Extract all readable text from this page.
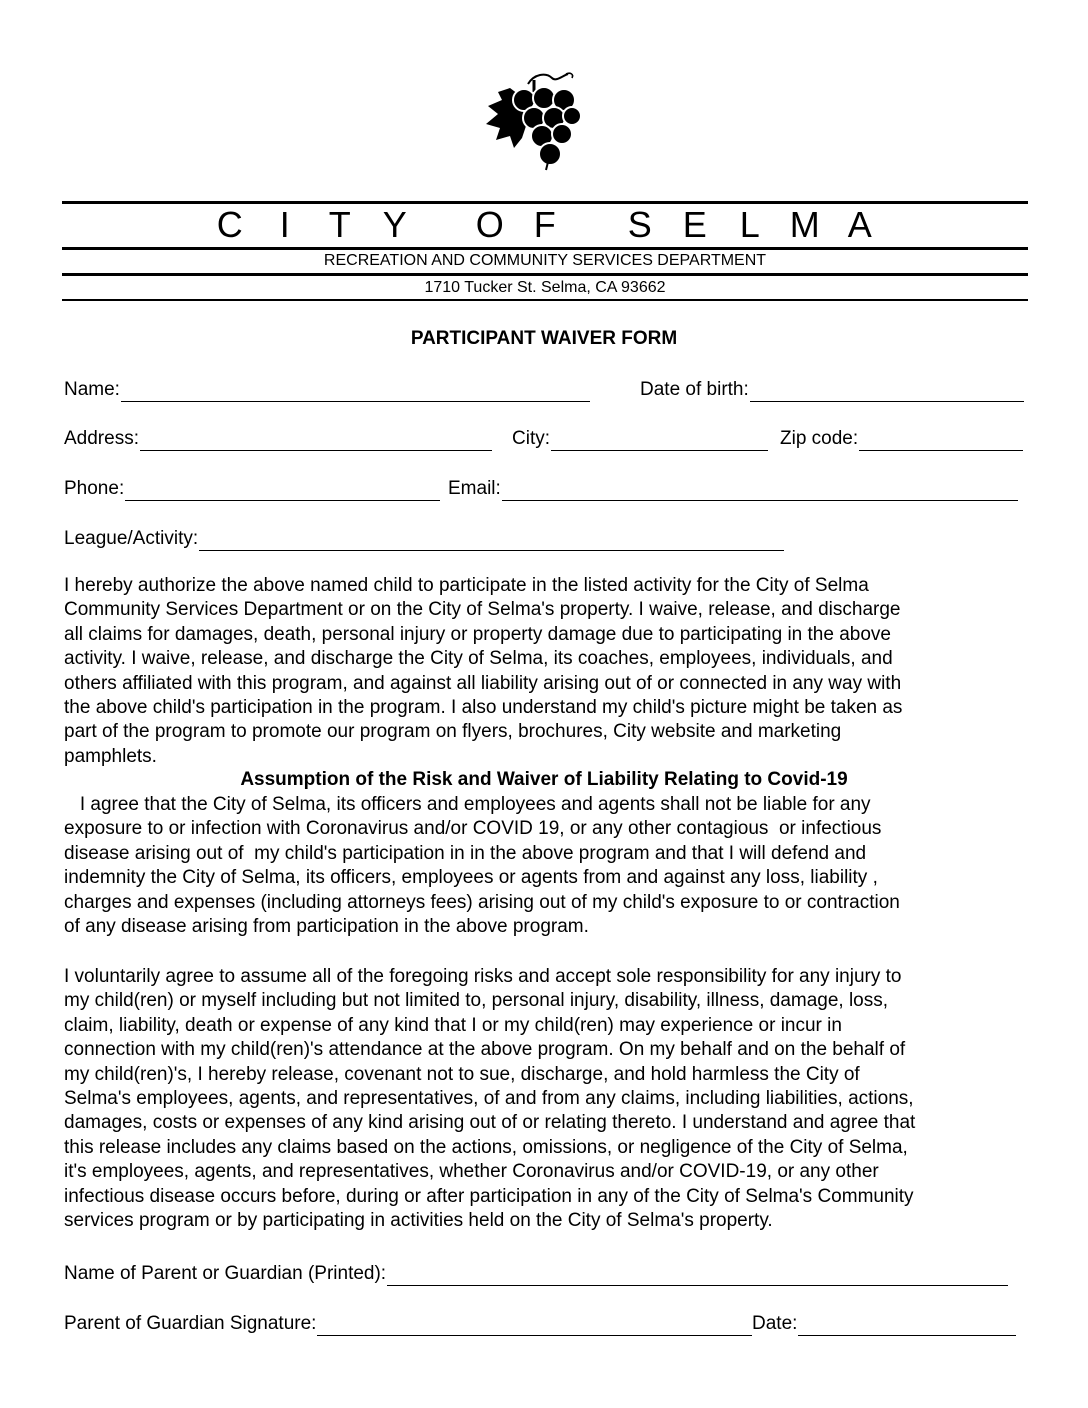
C	I	T Y	O F	S E L M A
RECREATION AND COMMUNITY SERVICES DEPARTMENT
1710 Tucker St. Selma, CA 93662
PARTICIPANT WAIVER FORM
Name:	Date of birth:
Address:	City:	Zip code:
Phone:	Email:
League/Activity:

I hereby authorize the above named child to participate in the listed activity for the City of Selma
Community Services Department or on the City of Selma's property. I waive, release, and discharge
all claims for damages, death, personal injury or property damage due to participating in the above
activity. I waive, release, and discharge the City of Selma, its coaches, employees, individuals, and
others affiliated with this program, and against all liability arising out of or connected in any way with
the above child's participation in the program. I also understand my child's picture might be taken as
part of the program to promote our program on flyers, brochures, City website and marketing
pamphlets.

Assumption of the Risk and Waiver of Liability Relating to Covid-19

I agree that the City of Selma, its officers and employees and agents shall not be liable for any
exposure to or infection with Coronavirus and/or COVID 19, or any other contagious  or infectious
disease arising out of  my child's participation in in the above program and that I will defend and
indemnity the City of Selma, its officers, employees or agents from and against any loss, liability ,
charges and expenses (including attorneys fees) arising out of my child's exposure to or contraction
of any disease arising from participation in the above program.

I voluntarily agree to assume all of the foregoing risks and accept sole responsibility for any injury to
my child(ren) or myself including but not limited to, personal injury, disability, illness, damage, loss,
claim, liability, death or expense of any kind that I or my child(ren) may experience or incur in
connection with my child(ren)'s attendance at the above program. On my behalf and on the behalf of
my child(ren)'s, I hereby release, covenant not to sue, discharge, and hold harmless the City of
Selma's employees, agents, and representatives, of and from any claims, including liabilities, actions,
damages, costs or expenses of any kind arising out of or relating thereto. I understand and agree that
this release includes any claims based on the actions, omissions, or negligence of the City of Selma,
it's employees, agents, and representatives, whether Coronavirus and/or COVID-19, or any other
infectious disease occurs before, during or after participation in any of the City of Selma's Community
services program or by participating in activities held on the City of Selma's property.

Name of Parent or Guardian (Printed):
Parent of Guardian Signature:	Date:
